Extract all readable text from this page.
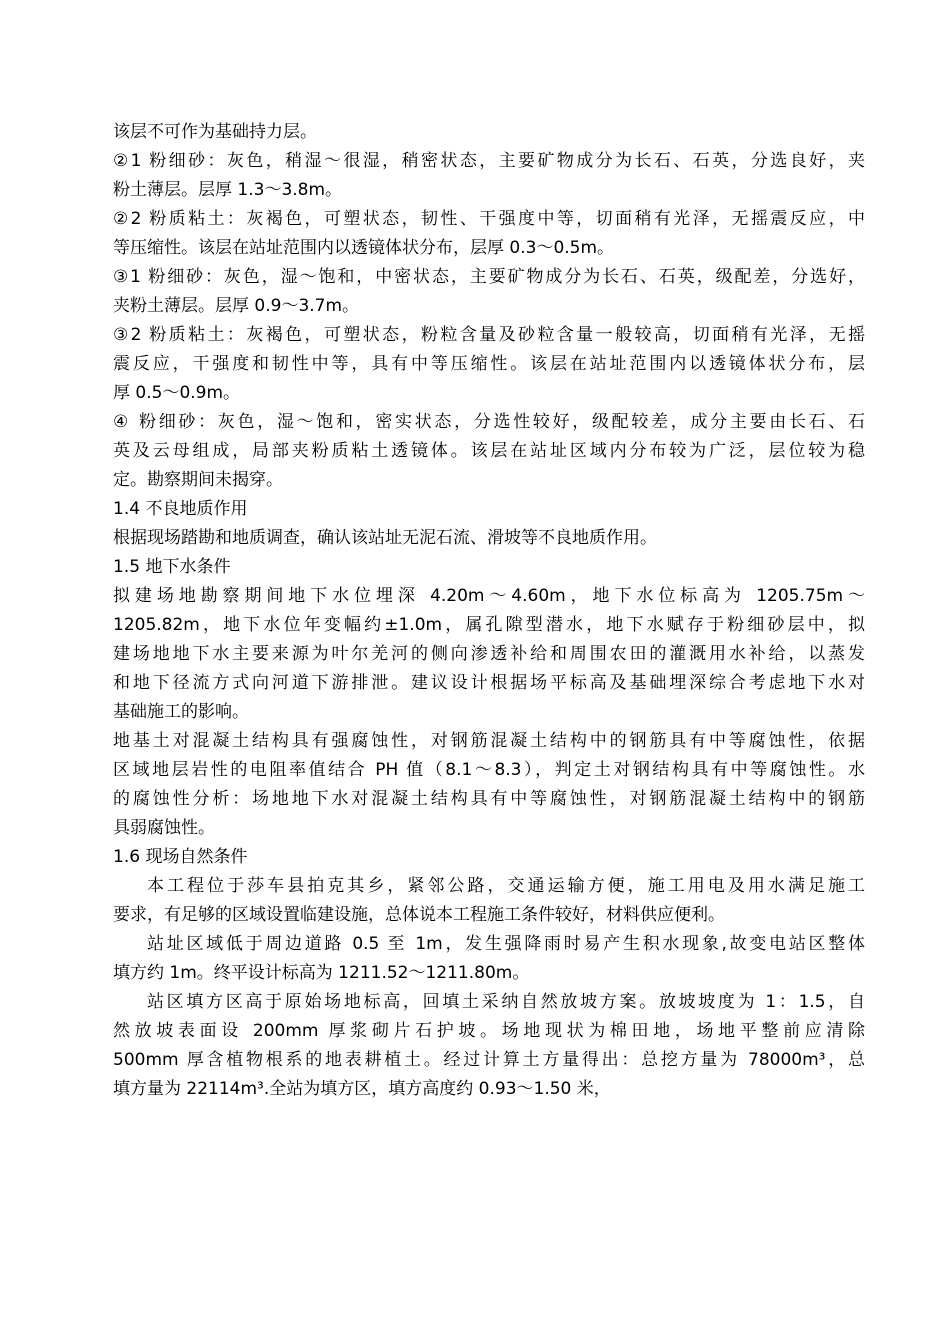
该层不可作为基础持力层。
②1 粉细砂：灰色，稍湿～很湿，稍密状态，主要矿物成分为长石、石英，分选良好，夹
粉土薄层。层厚 1.3～3.8m。
②2 粉质粘土：灰褐色，可塑状态，韧性、干强度中等，切面稍有光泽，无摇震反应，中
等压缩性。该层在站址范围内以透镜体状分布，层厚 0.3～0.5m。
③1 粉细砂：灰色，湿～饱和，中密状态，主要矿物成分为长石、石英，级配差，分选好，
夹粉土薄层。层厚 0.9～3.7m。
③2 粉质粘土：灰褐色，可塑状态，粉粒含量及砂粒含量一般较高，切面稍有光泽，无摇
震反应，干强度和韧性中等，具有中等压缩性。该层在站址范围内以透镜体状分布，层
厚 0.5～0.9m。
④ 粉细砂：灰色，湿～饱和，密实状态，分选性较好，级配较差，成分主要由长石、石
英及云母组成，局部夹粉质粘土透镜体。该层在站址区域内分布较为广泛，层位较为稳
定。勘察期间未揭穿。
1.4 不良地质作用
根据现场踏勘和地质调查，确认该站址无泥石流、滑坡等不良地质作用。
1.5 地下水条件
拟建场地勘察期间地下水位埋深 4.20m～4.60m，地下水位标高为 1205.75m～
1205.82m，地下水位年变幅约±1.0m，属孔隙型潜水，地下水赋存于粉细砂层中，拟
建场地地下水主要来源为叶尔羌河的侧向渗透补给和周围农田的灌溉用水补给，以蒸发
和地下径流方式向河道下游排泄。建议设计根据场平标高及基础埋深综合考虑地下水对
基础施工的影响。
地基土对混凝土结构具有强腐蚀性，对钢筋混凝土结构中的钢筋具有中等腐蚀性，依据
区域地层岩性的电阻率值结合 PH 值（8.1～8.3），判定土对钢结构具有中等腐蚀性。水
的腐蚀性分析：场地地下水对混凝土结构具有中等腐蚀性，对钢筋混凝土结构中的钢筋
具弱腐蚀性。
1.6 现场自然条件
本工程位于莎车县拍克其乡，紧邻公路，交通运输方便，施工用电及用水满足施工
要求，有足够的区域设置临建设施，总体说本工程施工条件较好，材料供应便利。
站址区域低于周边道路 0.5 至 1m，发生强降雨时易产生积水现象,故变电站区整体
填方约 1m。终平设计标高为 1211.52～1211.80m。
站区填方区高于原始场地标高，回填土采纳自然放坡方案。放坡坡度为 1：1.5，自
然放坡表面设 200mm 厚浆砌片石护坡。场地现状为棉田地，场地平整前应清除
500mm 厚含植物根系的地表耕植土。经过计算土方量得出：总挖方量为 78000m³，总
填方量为 22114m³.全站为填方区，填方高度约 0.93～1.50 米，
